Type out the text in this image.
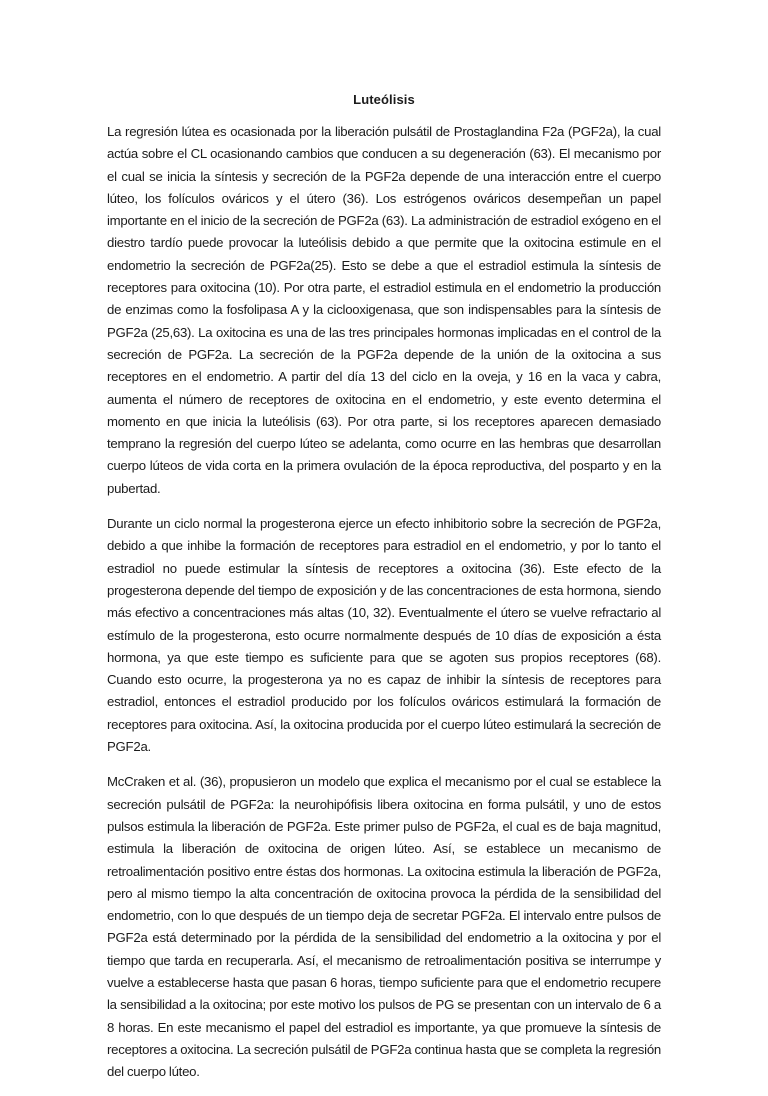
Luteólisis

La regresión lútea es ocasionada por la liberación pulsátil de Prostaglandina F2a (PGF2a), la cual actúa sobre el CL ocasionando cambios que conducen a su degeneración (63). El mecanismo por el cual se inicia la síntesis y secreción de la PGF2a depende de una interacción entre el cuerpo lúteo, los folículos ováricos y el útero (36). Los estrógenos ováricos desempeñan un papel importante en el inicio de la secreción de PGF2a (63). La administración de estradiol exógeno en el diestro tardío puede provocar la luteólisis debido a que permite que la oxitocina estimule en el endometrio la secreción de PGF2a(25). Esto se debe a que el estradiol estimula la síntesis de receptores para oxitocina (10). Por otra parte, el estradiol estimula en el endometrio la producción de enzimas como la fosfolipasa A y la ciclooxigenasa, que son indispensables para la síntesis de PGF2a (25,63). La oxitocina es una de las tres principales hormonas implicadas en el control de la secreción de PGF2a. La secreción de la PGF2a depende de la unión de la oxitocina a sus receptores en el endometrio. A partir del día 13 del ciclo en la oveja, y 16 en la vaca y cabra, aumenta el número de receptores de oxitocina en el endometrio, y este evento determina el momento en que inicia la luteólisis (63). Por otra parte, si los receptores aparecen demasiado temprano la regresión del cuerpo lúteo se adelanta, como ocurre en las hembras que desarrollan cuerpo lúteos de vida corta en la primera ovulación de la época reproductiva, del posparto y en la pubertad.

Durante un ciclo normal la progesterona ejerce un efecto inhibitorio sobre la secreción de PGF2a, debido a que inhibe la formación de receptores para estradiol en el endometrio, y por lo tanto el estradiol no puede estimular la síntesis de receptores a oxitocina (36). Este efecto de la progesterona depende del tiempo de exposición y de las concentraciones de esta hormona, siendo más efectivo a concentraciones más altas (10, 32). Eventualmente el útero se vuelve refractario al estímulo de la progesterona, esto ocurre normalmente después de 10 días de exposición a ésta hormona, ya que este tiempo es suficiente para que se agoten sus propios receptores (68). Cuando esto ocurre, la progesterona ya no es capaz de inhibir la síntesis de receptores para estradiol, entonces el estradiol producido por los folículos ováricos estimulará la formación de receptores para oxitocina. Así, la oxitocina producida por el cuerpo lúteo estimulará la secreción de PGF2a.

McCraken et al. (36), propusieron un modelo que explica el mecanismo por el cual se establece la secreción pulsátil de PGF2a: la neurohipófisis libera oxitocina en forma pulsátil, y uno de estos pulsos estimula la liberación de PGF2a. Este primer pulso de PGF2a, el cual es de baja magnitud, estimula la liberación de oxitocina de origen lúteo. Así, se establece un mecanismo de retroalimentación positivo entre éstas dos hormonas. La oxitocina estimula la liberación de PGF2a, pero al mismo tiempo la alta concentración de oxitocina provoca la pérdida de la sensibilidad del endometrio, con lo que después de un tiempo deja de secretar PGF2a. El intervalo entre pulsos de PGF2a está determinado por la pérdida de la sensibilidad del endometrio a la oxitocina y por el tiempo que tarda en recuperarla. Así, el mecanismo de retroalimentación positiva se interrumpe y vuelve a establecerse hasta que pasan 6 horas, tiempo suficiente para que el endometrio recupere la sensibilidad a la oxitocina; por este motivo los pulsos de PG se presentan con un intervalo de 6 a 8 horas. En este mecanismo el papel del estradiol es importante, ya que promueve la síntesis de receptores a oxitocina. La secreción pulsátil de PGF2a continua hasta que se completa la regresión del cuerpo lúteo.
